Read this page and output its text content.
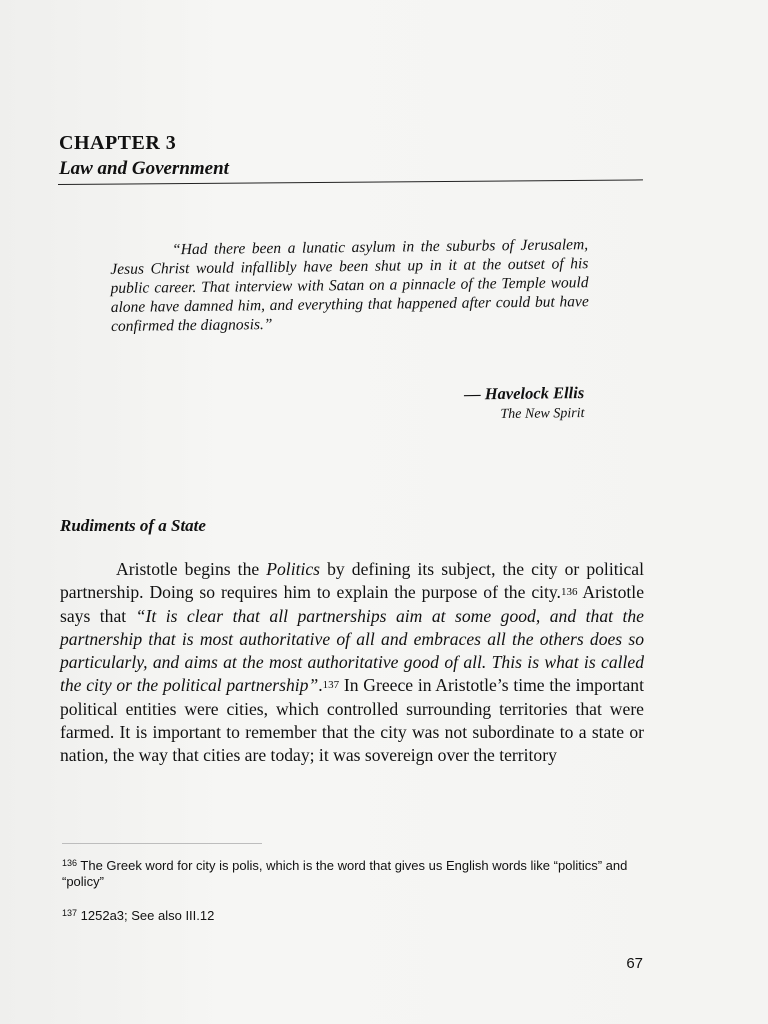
CHAPTER 3
Law and Government

“Had there been a lunatic asylum in the suburbs of Jerusalem, Jesus Christ would infallibly have been shut up in it at the outset of his public career. That interview with Satan on a pinnacle of the Temple would alone have damned him, and everything that happened after could but have confirmed the diagnosis.”

— Havelock Ellis
The New Spirit
Rudiments of a State

Aristotle begins the Politics by defining its subject, the city or political partnership. Doing so requires him to explain the purpose of the city.$^{136}$ Aristotle says that “It is clear that all partnerships aim at some good, and that the partnership that is most authoritative of all and embraces all the others does so particularly, and aims at the most authoritative good of all. This is what is called the city or the political partnership”.$^{137}$ In Greece in Aristotle’s time the important political entities were cities, which controlled surrounding territories that were farmed. It is important to remember that the city was not subordinate to a state or nation, the way that cities are today; it was sovereign over the territory

$^{136}$ The Greek word for city is polis, which is the word that gives us English words like “politics” and “policy”

$^{137}$ 1252a3; See also III.12

67
